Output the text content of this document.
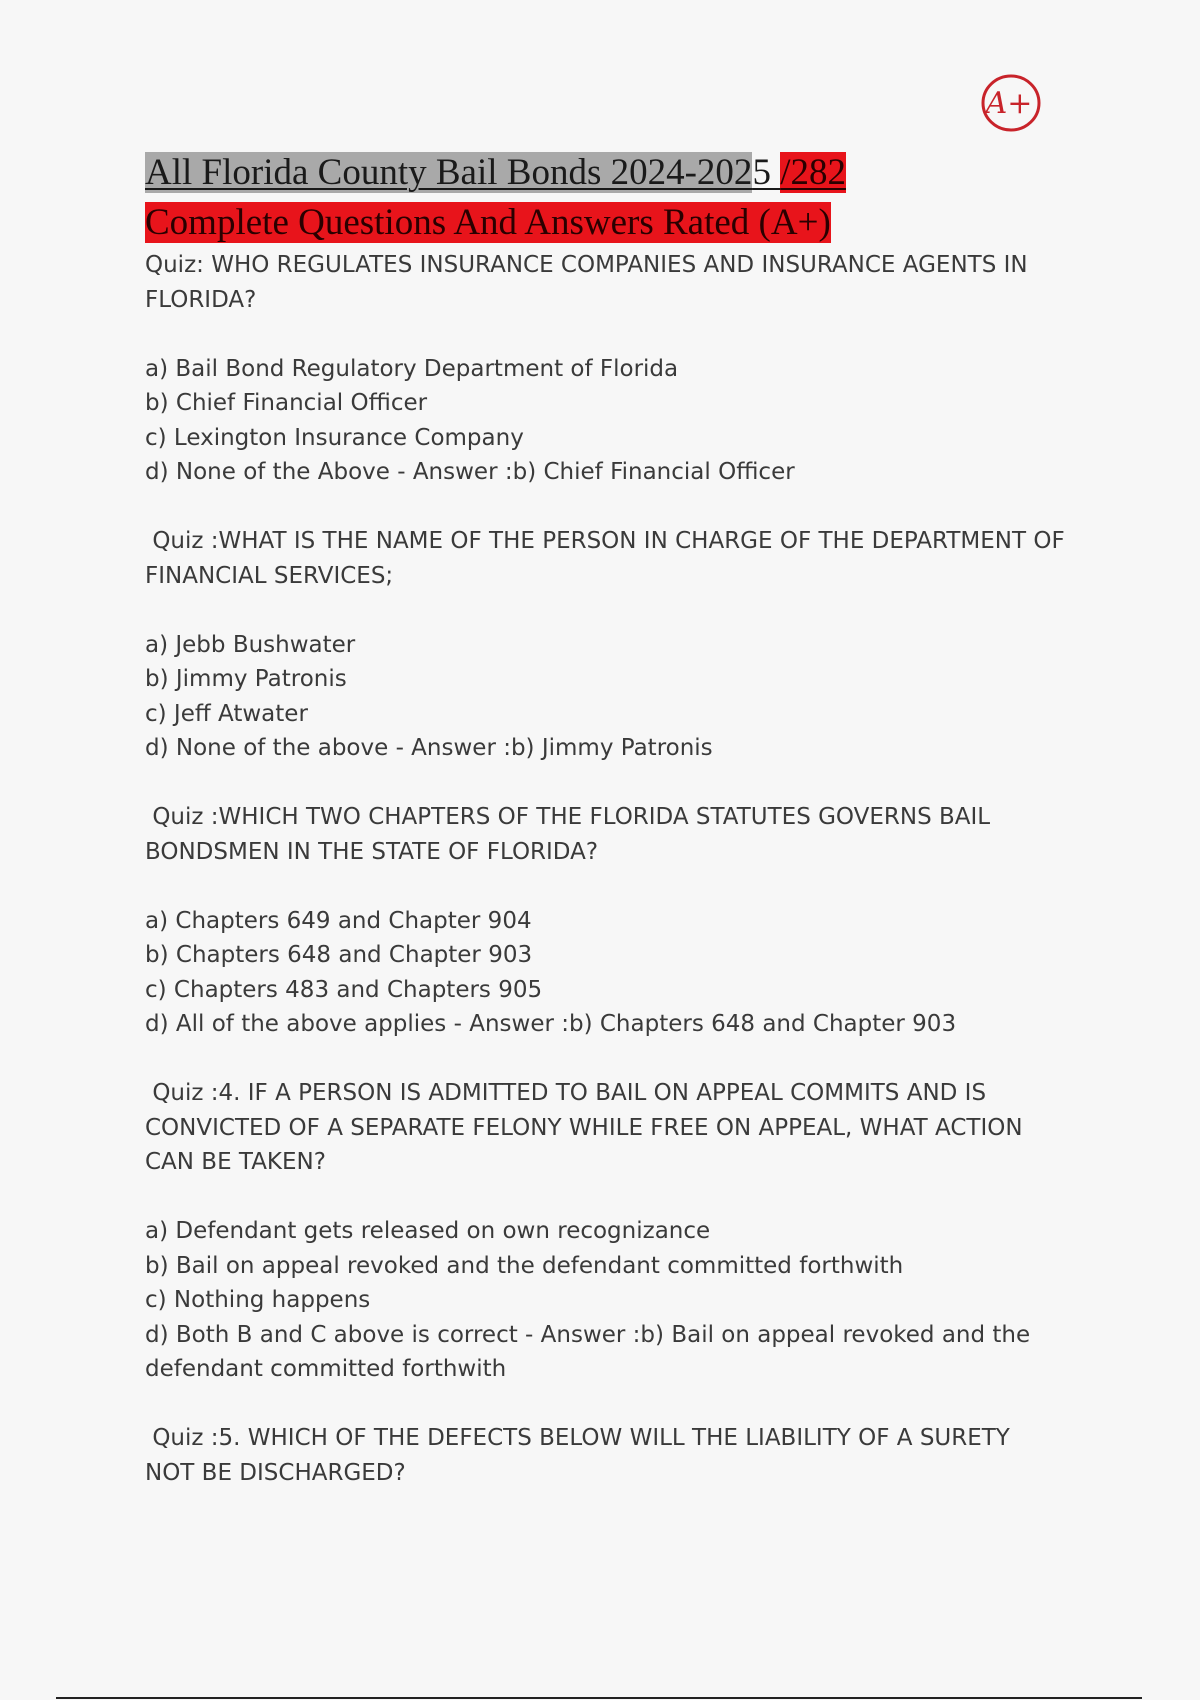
A+
All Florida County Bail Bonds 2024-2025 /282
Complete Questions And Answers Rated (A+)

Quiz: WHO REGULATES INSURANCE COMPANIES AND INSURANCE AGENTS IN FLORIDA?

a) Bail Bond Regulatory Department of Florida

b) Chief Financial Officer

c) Lexington Insurance Company

d) None of the Above - Answer :b) Chief Financial Officer

Quiz :WHAT IS THE NAME OF THE PERSON IN CHARGE OF THE DEPARTMENT OF FINANCIAL SERVICES;

a) Jebb Bushwater

b) Jimmy Patronis

c) Jeff Atwater

d) None of the above - Answer :b) Jimmy Patronis

Quiz :WHICH TWO CHAPTERS OF THE FLORIDA STATUTES GOVERNS BAIL BONDSMEN IN THE STATE OF FLORIDA?

a) Chapters 649 and Chapter 904

b) Chapters 648 and Chapter 903

c) Chapters 483 and Chapters 905

d) All of the above applies - Answer :b) Chapters 648 and Chapter 903

Quiz :4. IF A PERSON IS ADMITTED TO BAIL ON APPEAL COMMITS AND IS CONVICTED OF A SEPARATE FELONY WHILE FREE ON APPEAL, WHAT ACTION CAN BE TAKEN?

a) Defendant gets released on own recognizance

b) Bail on appeal revoked and the defendant committed forthwith

c) Nothing happens

d) Both B and C above is correct - Answer :b) Bail on appeal revoked and the defendant committed forthwith

Quiz :5. WHICH OF THE DEFECTS BELOW WILL THE LIABILITY OF A SURETY NOT BE DISCHARGED?
